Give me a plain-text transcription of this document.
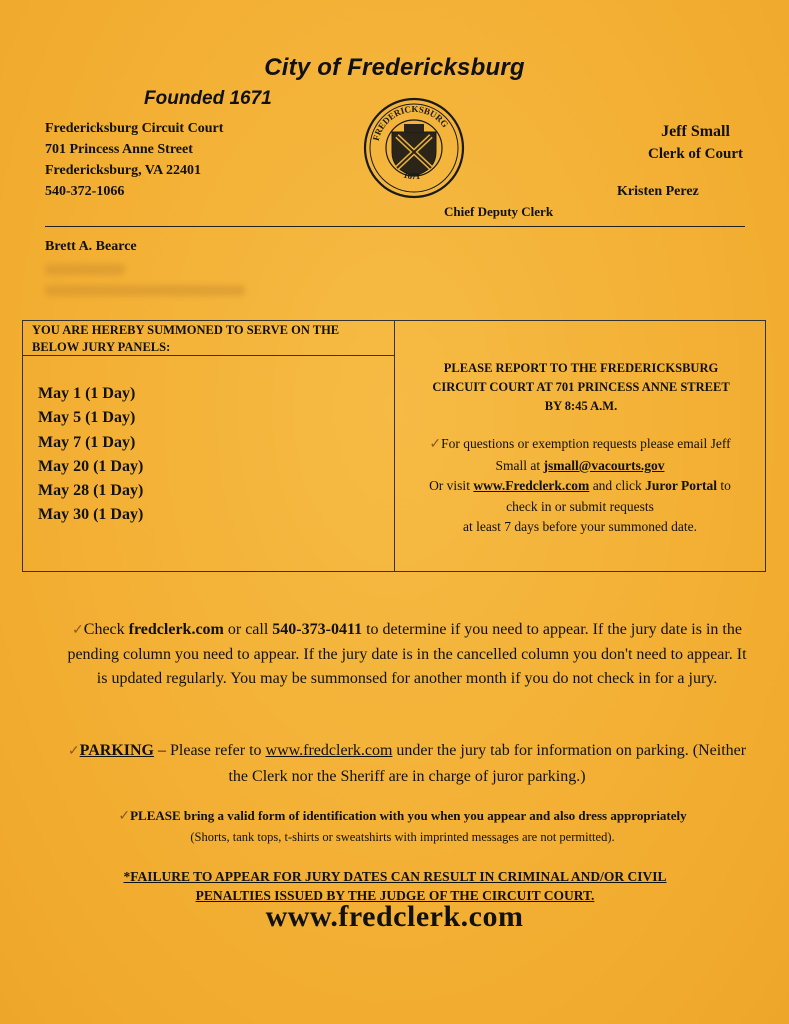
City of Fredericksburg
Founded 1671
Fredericksburg Circuit Court
701 Princess Anne Street
Fredericksburg, VA 22401
540-372-1066
FREDERICKSBURG
1671
Jeff Small
Clerk of Court
Kristen Perez
Chief Deputy Clerk
Brett A. Bearce
YOU ARE HEREBY SUMMONED TO SERVE ON THE
BELOW JURY PANELS:
May 1 (1 Day)
May 5 (1 Day)
May 7 (1 Day)
May 20 (1 Day)
May 28 (1 Day)
May 30 (1 Day)
PLEASE REPORT TO THE FREDERICKSBURG
CIRCUIT COURT AT 701 PRINCESS ANNE STREET
BY 8:45 A.M.
✓For questions or exemption requests please email Jeff
Small at jsmall@vacourts.gov
Or visit www.Fredclerk.com and click Juror Portal to
check in or submit requests
at least 7 days before your summoned date.
✓Check fredclerk.com or call 540-373-0411 to determine if you need to appear. If the jury date is in the pending column you need to appear. If the jury date is in the cancelled column you don't need to appear. It is updated regularly. You may be summonsed for another month if you do not check in for a jury.
✓PARKING – Please refer to www.fredclerk.com under the jury tab for information on parking. (Neither the Clerk nor the Sheriff are in charge of juror parking.)
✓PLEASE bring a valid form of identification with you when you appear and also dress appropriately
(Shorts, tank tops, t-shirts or sweatshirts with imprinted messages are not permitted).
*FAILURE TO APPEAR FOR JURY DATES CAN RESULT IN CRIMINAL AND/OR CIVIL
PENALTIES ISSUED BY THE JUDGE OF THE CIRCUIT COURT.
www.fredclerk.com
